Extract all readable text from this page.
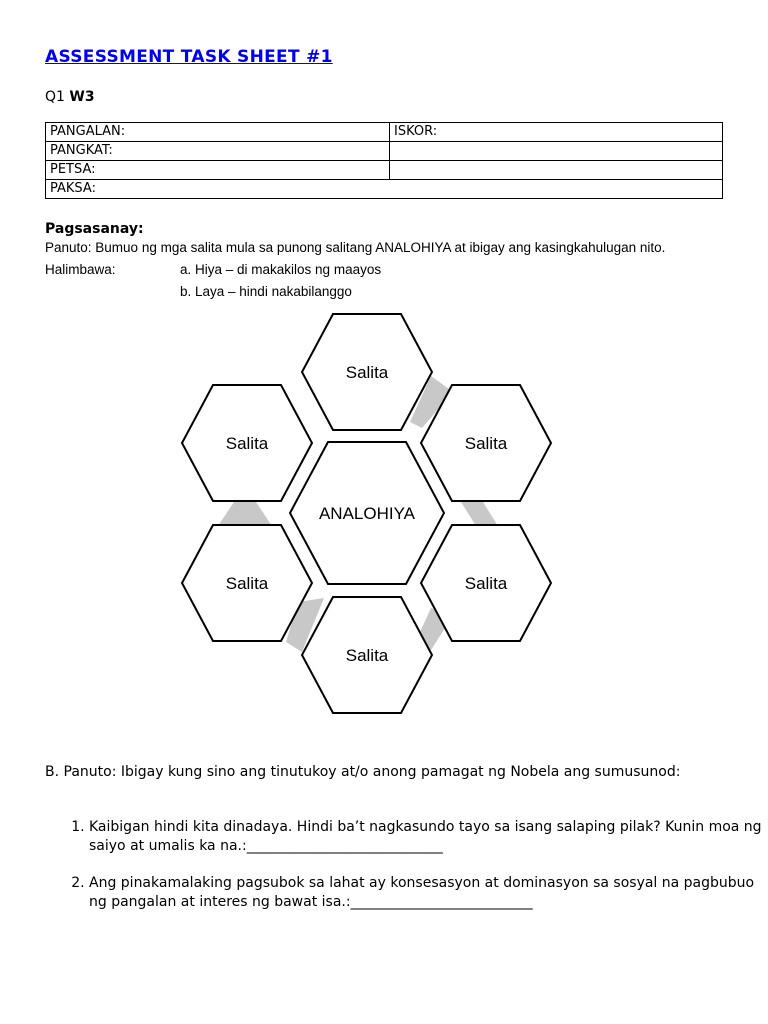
ASSESSMENT TASK SHEET #1
Q1 W3
PANGALAN:	ISKOR:
PANGKAT:	
PETSA:	
PAKSA:	
Pagsasanay:
Panuto: Bumuo ng mga salita mula sa punong salitang ANALOHIYA at ibigay ang kasingkahulugan nito.
Halimbawa:	a. Hiya – di makakilos ng maayos
b. Laya – hindi nakabilanggo
Salita
Salita	Salita
Salita	Salita
Salita
ANALOHIYA
B. Panuto: Ibigay kung sino ang tinutukoy at/o anong pamagat ng Nobela ang sumusunod:
1. Kaibigan hindi kita dinadaya. Hindi ba’t nagkasundo tayo sa isang salaping pilak? Kunin moa ng saiyo at umalis ka na.:____________________________
2. Ang pinakamalaking pagsubok sa lahat ay konsesasyon at dominasyon sa sosyal na pagbubuo ng pangalan at interes ng bawat isa.:__________________________
